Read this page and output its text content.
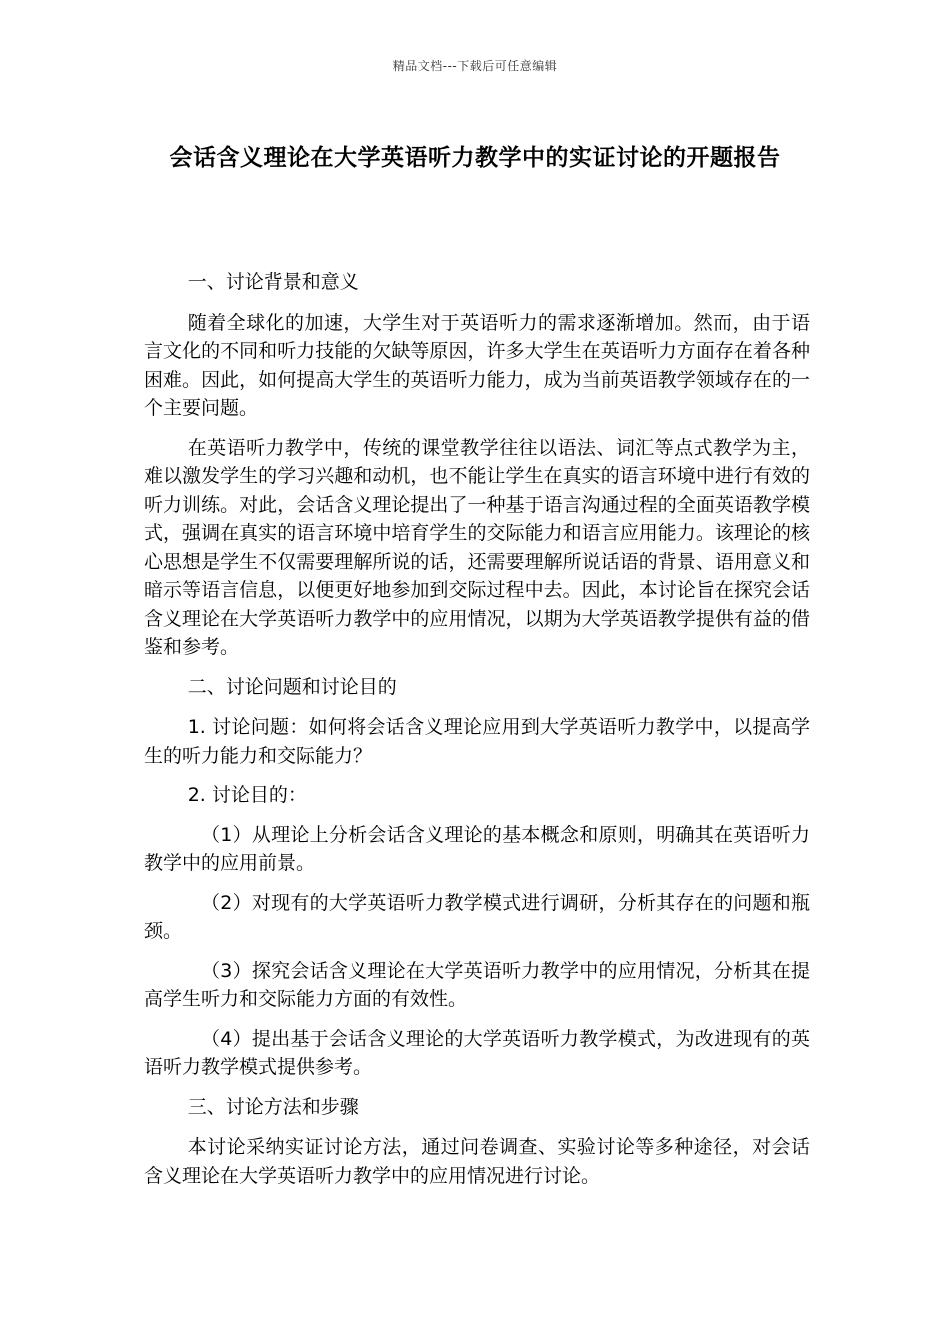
精品文档---下载后可任意编辑
会话含义理论在大学英语听力教学中的实证讨论的开题报告

一、讨论背景和意义

随着全球化的加速，大学生对于英语听力的需求逐渐增加。然而，由于语言文化的不同和听力技能的欠缺等原因，许多大学生在英语听力方面存在着各种困难。因此，如何提高大学生的英语听力能力，成为当前英语教学领域存在的一个主要问题。

在英语听力教学中，传统的课堂教学往往以语法、词汇等点式教学为主，难以激发学生的学习兴趣和动机，也不能让学生在真实的语言环境中进行有效的听力训练。对此，会话含义理论提出了一种基于语言沟通过程的全面英语教学模式，强调在真实的语言环境中培育学生的交际能力和语言应用能力。该理论的核心思想是学生不仅需要理解所说的话，还需要理解所说话语的背景、语用意义和暗示等语言信息，以便更好地参加到交际过程中去。因此，本讨论旨在探究会话含义理论在大学英语听力教学中的应用情况，以期为大学英语教学提供有益的借鉴和参考。

二、讨论问题和讨论目的

1. 讨论问题：如何将会话含义理论应用到大学英语听力教学中，以提高学生的听力能力和交际能力？

2. 讨论目的：

（1）从理论上分析会话含义理论的基本概念和原则，明确其在英语听力教学中的应用前景。

（2）对现有的大学英语听力教学模式进行调研，分析其存在的问题和瓶颈。

（3）探究会话含义理论在大学英语听力教学中的应用情况，分析其在提高学生听力和交际能力方面的有效性。

（4）提出基于会话含义理论的大学英语听力教学模式，为改进现有的英语听力教学模式提供参考。

三、讨论方法和步骤

本讨论采纳实证讨论方法，通过问卷调查、实验讨论等多种途径，对会话含义理论在大学英语听力教学中的应用情况进行讨论。
